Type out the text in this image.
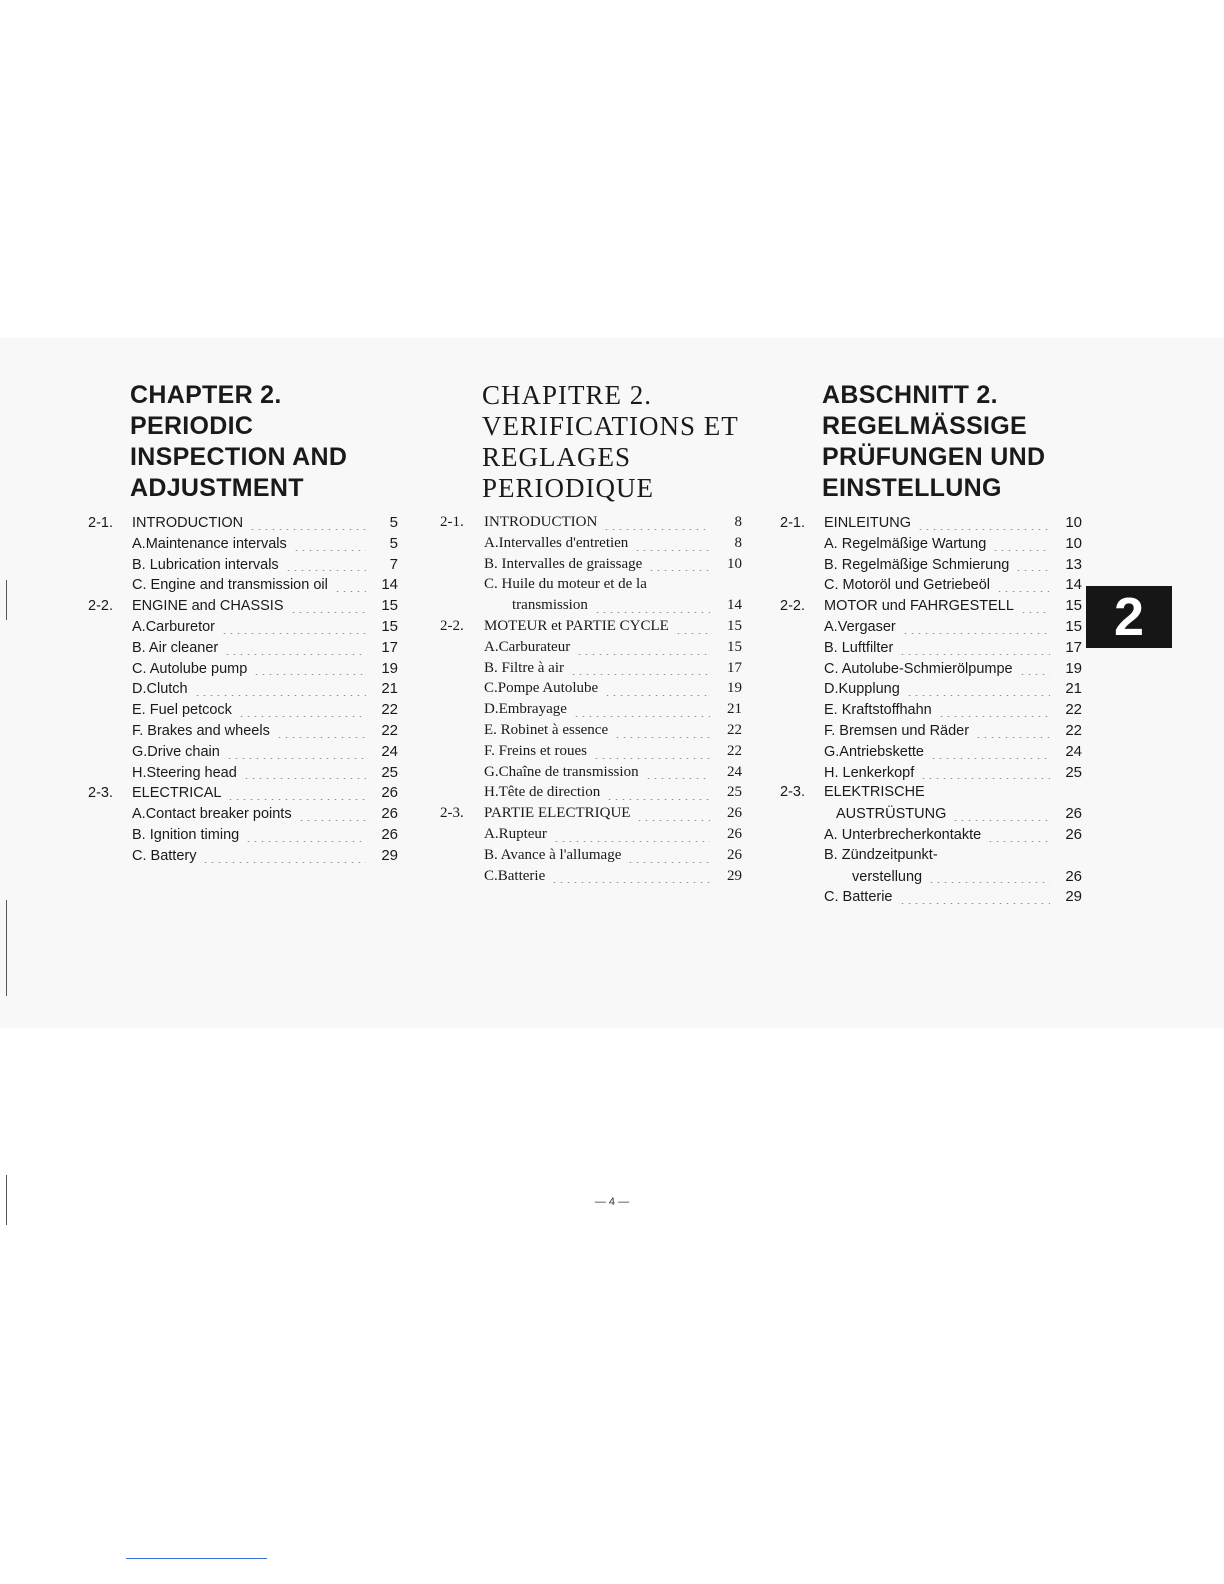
CHAPTER 2.
PERIODIC
INSPECTION AND
ADJUSTMENT
2-1.	INTRODUCTION	5
A.Maintenance intervals	5
B. Lubrication intervals	7
C. Engine and transmission oil	14
2-2.	ENGINE and CHASSIS	15
A.Carburetor	15
B. Air cleaner	17
C. Autolube pump	19
D.Clutch	21
E. Fuel petcock	22
F. Brakes and wheels	22
G.Drive chain	24
H.Steering head	25
2-3.	ELECTRICAL	26
A.Contact breaker points	26
B. Ignition timing	26
C. Battery	29
CHAPITRE 2.
VERIFICATIONS ET
REGLAGES
PERIODIQUE
2-1.	INTRODUCTION	8
A.Intervalles d'entretien	8
B. Intervalles de graissage	10
C. Huile du moteur et de la
transmission	14
2-2.	MOTEUR et PARTIE CYCLE	15
A.Carburateur	15
B. Filtre à air	17
C.Pompe Autolube	19
D.Embrayage	21
E. Robinet à essence	22
F. Freins et roues	22
G.Chaîne de transmission	24
H.Tête de direction	25
2-3.	PARTIE ELECTRIQUE	26
A.Rupteur	26
B. Avance à l'allumage	26
C.Batterie	29
ABSCHNITT 2.
REGELMÄSSIGE
PRÜFUNGEN UND
EINSTELLUNG
2-1.	EINLEITUNG	10
A. Regelmäßige Wartung	10
B. Regelmäßige Schmierung	13
C. Motoröl und Getriebeöl	14
2-2.	MOTOR und FAHRGESTELL	15
A.Vergaser	15
B. Luftfilter	17
C. Autolube-Schmierölpumpe	19
D.Kupplung	21
E. Kraftstoffhahn	22
F. Bremsen und Räder	22
G.Antriebskette	24
H. Lenkerkopf	25
2-3.	ELEKTRISCHE
AUSTRÜSTUNG	26
A. Unterbrecherkontakte	26
B. Zündzeitpunkt-
verstellung	26
C. Batterie	29
2
— 4 —
